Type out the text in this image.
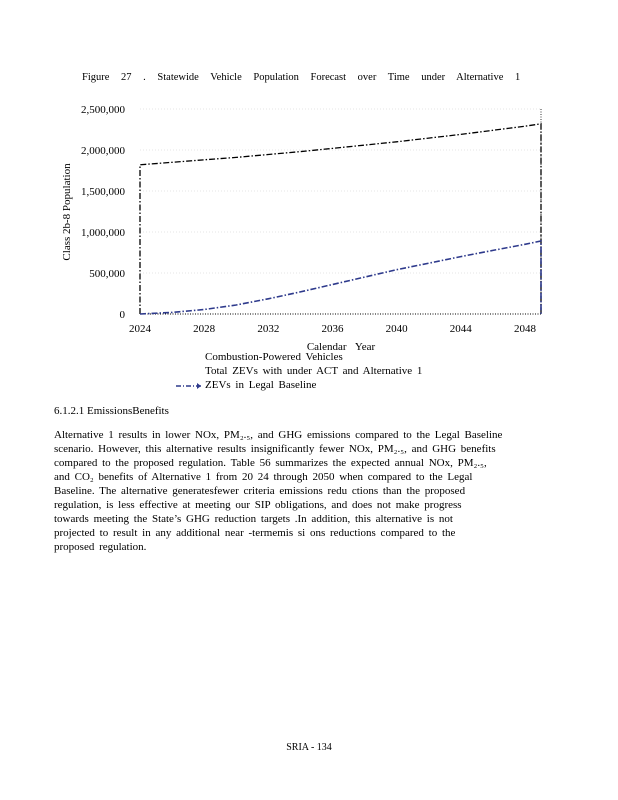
Figure 27 . Statewide Vehicle Population Forecast over Time under Alternative 1
0
500,000
1,000,000
1,500,000
2,000,000
2,500,000
2024	2028	2032	2036	2040	2044	2048
Class 2b-8 Population
Calendar Year
Combustion-Powered Vehicles
Total ZEVs with under ACT and Alternative 1
ZEVs in Legal Baseline
6.1.2.1 EmissionsBenefits

Alternative 1 results in lower NOx, PM₂.₅, and GHG emissions compared to the Legal Baseline

scenario. However, this alternative results insignificantly fewer NOx, PM₂.₅, and GHG benefits

compared to the proposed regulation. Table 56 summarizes the expected annual NOx, PM₂.₅,

and CO₂ benefits of Alternative 1 from 20 24 through 2050 when compared to the Legal

Baseline. The alternative generatesfewer criteria emissions redu ctions than the proposed

regulation, is less effective at meeting our SIP obligations, and does not make progress

towards meeting the State’s GHG reduction targets .In addition, this alternative is not

projected to result in any additional near -termemis si ons reductions compared to the

proposed regulation.

SRIA - 134
